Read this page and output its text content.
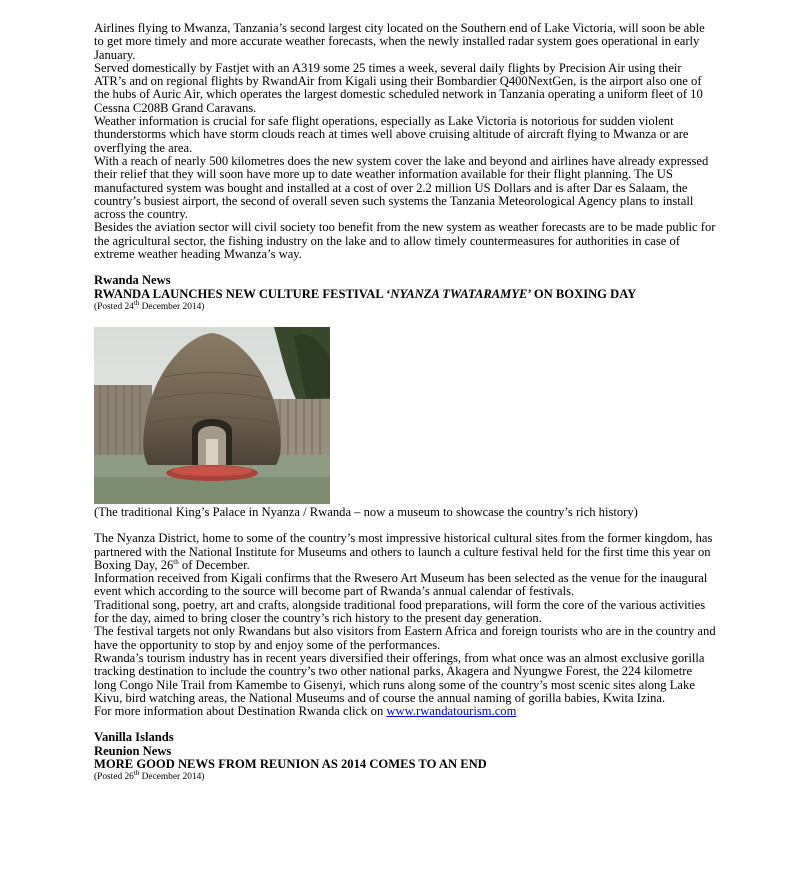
Airlines flying to Mwanza, Tanzania’s second largest city located on the Southern end of Lake Victoria, will soon be able to get more timely and more accurate weather forecasts, when the newly installed radar system goes operational in early January.

Served domestically by Fastjet with an A319 some 25 times a week, several daily flights by Precision Air using their ATR’s and on regional flights by RwandAir from Kigali using their Bombardier Q400NextGen, is the airport also one of the hubs of Auric Air, which operates the largest domestic scheduled network in Tanzania operating a uniform fleet of 10 Cessna C208B Grand Caravans.

Weather information is crucial for safe flight operations, especially as Lake Victoria is notorious for sudden violent thunderstorms which have storm clouds reach at times well above cruising altitude of aircraft flying to Mwanza or are overflying the area.

With a reach of nearly 500 kilometres does the new system cover the lake and beyond and airlines have already expressed their relief that they will soon have more up to date weather information available for their flight planning. The US manufactured system was bought and installed at a cost of over 2.2 million US Dollars and is after Dar es Salaam, the country’s busiest airport, the second of overall seven such systems the Tanzania Meteorological Agency plans to install across the country.

Besides the aviation sector will civil society too benefit from the new system as weather forecasts are to be made public for the agricultural sector, the fishing industry on the lake and to allow timely countermeasures for authorities in case of extreme weather heading Mwanza’s way.

Rwanda News

RWANDA LAUNCHES NEW CULTURE FESTIVAL ‘NYANZA TWATARAMYE’ ON BOXING DAY

(Posted 24th December 2014)

(The traditional King’s Palace in Nyanza / Rwanda – now a museum to showcase the country’s rich history)

The Nyanza District, home to some of the country’s most impressive historical cultural sites from the former kingdom, has partnered with the National Institute for Museums and others to launch a culture festival held for the first time this year on Boxing Day, 26th of December.

Information received from Kigali confirms that the Rwesero Art Museum has been selected as the venue for the inaugural event which according to the source will become part of Rwanda’s annual calendar of festivals.

Traditional song, poetry, art and crafts, alongside traditional food preparations, will form the core of the various activities for the day, aimed to bring closer the country’s rich history to the present day generation.

The festival targets not only Rwandans but also visitors from Eastern Africa and foreign tourists who are in the country and have the opportunity to stop by and enjoy some of the performances.

Rwanda’s tourism industry has in recent years diversified their offerings, from what once was an almost exclusive gorilla tracking destination to include the country’s two other national parks, Akagera and Nyungwe Forest, the 224 kilometre long Congo Nile Trail from Kamembe to Gisenyi, which runs along some of the country’s most scenic sites along Lake Kivu, bird watching areas, the National Museums and of course the annual naming of gorilla babies, Kwita Izina.

For more information about Destination Rwanda click on www.rwandatourism.com

Vanilla Islands

Reunion News

MORE GOOD NEWS FROM REUNION AS 2014 COMES TO AN END

(Posted 26th December 2014)
